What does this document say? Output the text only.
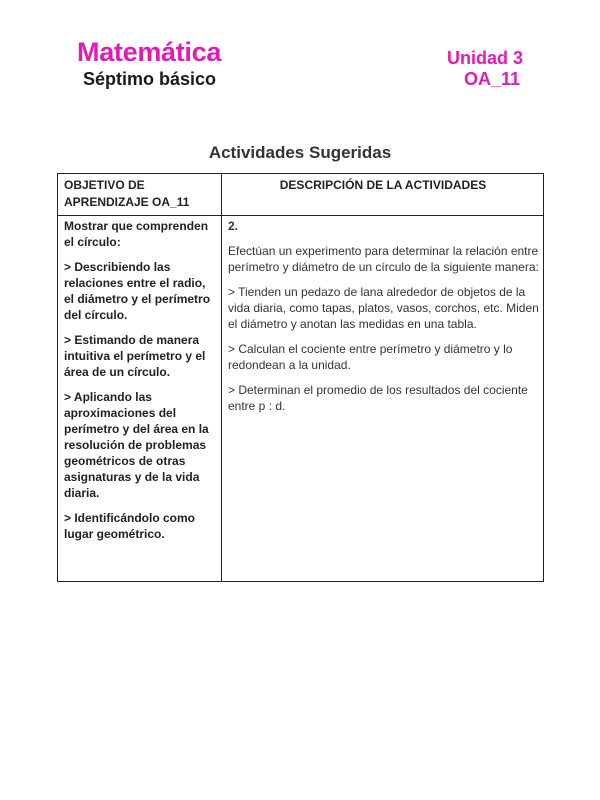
Matemática	Unidad 3
Séptimo básico	OA_11
Actividades Sugeridas
OBJETIVO DE APRENDIZAJE OA_11
DESCRIPCIÓN DE LA ACTIVIDADES

Mostrar que comprenden el círculo:

> Describiendo las relaciones entre el radio, el diámetro y el perímetro del círculo.

> Estimando de manera intuitiva el perímetro y el área de un círculo.

> Aplicando las aproximaciones del perímetro y del área en la resolución de problemas geométricos de otras asignaturas y de la vida diaria.

> Identificándolo como lugar geométrico.

2.

Efectúan un experimento para determinar la relación entre perímetro y diámetro de un círculo de la siguiente manera:

> Tienden un pedazo de lana alrededor de objetos de la vida diaria, como tapas, platos, vasos, corchos, etc. Miden el diámetro y anotan las medidas en una tabla.

> Calculan el cociente entre perímetro y diámetro y lo redondean a la unidad.

> Determinan el promedio de los resultados del cociente entre p : d.
